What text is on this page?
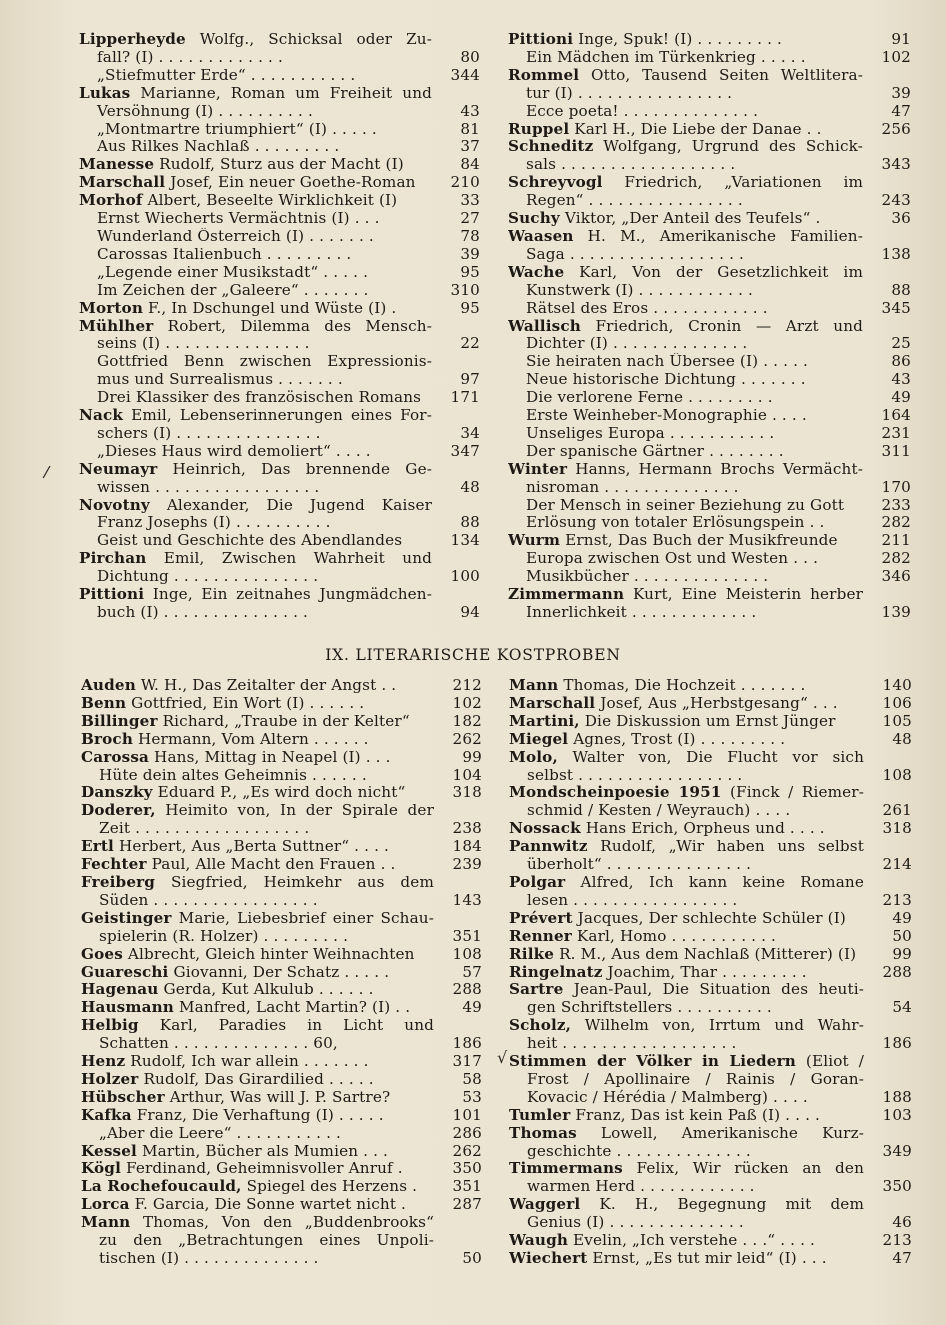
Lipperheyde Wolfg., Schicksal oder Zu-
fall? (I) . . . . . . . . . . . . .	80
„Stiefmutter Erde“ . . . . . . . . . . .	344
Lukas Marianne, Roman um Freiheit und
Versöhnung (I) . . . . . . . . . .	43
„Montmartre triumphiert“ (I) . . . . .	81
Aus Rilkes Nachlaß . . . . . . . . .	37
Manesse Rudolf, Sturz aus der Macht (I)	84
Marschall Josef, Ein neuer Goethe-Roman	210
Morhof Albert, Beseelte Wirklichkeit (I)	33
Ernst Wiecherts Vermächtnis (I) . . .	27
Wunderland Österreich (I) . . . . . . .	78
Carossas Italienbuch . . . . . . . . .	39
„Legende einer Musikstadt“ . . . . .	95
Im Zeichen der „Galeere“ . . . . . . .	310
Morton F., In Dschungel und Wüste (I) .	95
Mühlher Robert, Dilemma des Mensch-
seins (I) . . . . . . . . . . . . . . .	22
Gottfried Benn zwischen Expressionis-
mus und Surrealismus . . . . . . .	97
Drei Klassiker des französischen Romans	171
Nack Emil, Lebenserinnerungen eines For-
schers (I) . . . . . . . . . . . . . . .	34
„Dieses Haus wird demoliert“ . . . .	347
Neumayr Heinrich, Das brennende Ge-
wissen . . . . . . . . . . . . . . . . .	48
Novotny Alexander, Die Jugend Kaiser
Franz Josephs (I) . . . . . . . . . .	88
Geist und Geschichte des Abendlandes	134
Pirchan Emil, Zwischen Wahrheit und
Dichtung . . . . . . . . . . . . . . .	100
Pittioni Inge, Ein zeitnahes Jungmädchen-
buch (I) . . . . . . . . . . . . . . .	94
Pittioni Inge, Spuk! (I) . . . . . . . . .	91
Ein Mädchen im Türkenkrieg . . . . .	102
Rommel Otto, Tausend Seiten Weltlitera-
tur (I) . . . . . . . . . . . . . . . .	39
Ecce poeta! . . . . . . . . . . . . . .	47
Ruppel Karl H., Die Liebe der Danae . .	256
Schneditz Wolfgang, Urgrund des Schick-
sals . . . . . . . . . . . . . . . . . .	343
Schreyvogl Friedrich, „Variationen im
Regen“ . . . . . . . . . . . . . . . .	243
Suchy Viktor, „Der Anteil des Teufels“ .	36
Waasen H. M., Amerikanische Familien-
Saga . . . . . . . . . . . . . . . . . .	138
Wache Karl, Von der Gesetzlichkeit im
Kunstwerk (I) . . . . . . . . . . . .	88
Rätsel des Eros . . . . . . . . . . . .	345
Wallisch Friedrich, Cronin — Arzt und
Dichter (I) . . . . . . . . . . . . . .	25
Sie heiraten nach Übersee (I) . . . . .	86
Neue historische Dichtung . . . . . . .	43
Die verlorene Ferne . . . . . . . . .	49
Erste Weinheber-Monographie . . . .	164
Unseliges Europa . . . . . . . . . . .	231
Der spanische Gärtner . . . . . . . .	311
Winter Hanns, Hermann Brochs Vermächt-
nisroman . . . . . . . . . . . . . .	170
Der Mensch in seiner Beziehung zu Gott	233
Erlösung von totaler Erlösungspein . .	282
Wurm Ernst, Das Buch der Musikfreunde	211
Europa zwischen Ost und Westen . . .	282
Musikbücher . . . . . . . . . . . . . .	346
Zimmermann Kurt, Eine Meisterin herber
Innerlichkeit . . . . . . . . . . . . .	139
IX. LITERARISCHE KOSTPROBEN
Auden W. H., Das Zeitalter der Angst . .	212
Benn Gottfried, Ein Wort (I) . . . . . .	102
Billinger Richard, „Traube in der Kelter“	182
Broch Hermann, Vom Altern . . . . . .	262
Carossa Hans, Mittag in Neapel (I) . . .	99
Hüte dein altes Geheimnis . . . . . .	104
Danszky Eduard P., „Es wird doch nicht“	318
Doderer, Heimito von, In der Spirale der
Zeit . . . . . . . . . . . . . . . . . .	238
Ertl Herbert, Aus „Berta Suttner“ . . . .	184
Fechter Paul, Alle Macht den Frauen . .	239
Freiberg Siegfried, Heimkehr aus dem
Süden . . . . . . . . . . . . . . . . .	143
Geistinger Marie, Liebesbrief einer Schau-
spielerin (R. Holzer) . . . . . . . . .	351
Goes Albrecht, Gleich hinter Weihnachten	108
Guareschi Giovanni, Der Schatz . . . . .	57
Hagenau Gerda, Kut Alkulub . . . . . .	288
Hausmann Manfred, Lacht Martin? (I) . .	49
Helbig Karl, Paradies in Licht und
Schatten . . . . . . . . . . . . . . 60,	186
Henz Rudolf, Ich war allein . . . . . . .	317
Holzer Rudolf, Das Girardilied . . . . .	58
Hübscher Arthur, Was will J. P. Sartre?	53
Kafka Franz, Die Verhaftung (I) . . . . .	101
„Aber die Leere“ . . . . . . . . . . .	286
Kessel Martin, Bücher als Mumien . . .	262
Kögl Ferdinand, Geheimnisvoller Anruf .	350
La Rochefoucauld, Spiegel des Herzens .	351
Lorca F. Garcia, Die Sonne wartet nicht .	287
Mann Thomas, Von den „Buddenbrooks“
zu den „Betrachtungen eines Unpoli-
tischen (I) . . . . . . . . . . . . . .	50
Mann Thomas, Die Hochzeit . . . . . . .	140
Marschall Josef, Aus „Herbstgesang“ . . .	106
Martini, Die Diskussion um Ernst Jünger	105
Miegel Agnes, Trost (I) . . . . . . . . .	48
Molo, Walter von, Die Flucht vor sich
selbst . . . . . . . . . . . . . . . . .	108
Mondscheinpoesie 1951 (Finck / Riemer-
schmid / Kesten / Weyrauch) . . . .	261
Nossack Hans Erich, Orpheus und . . . .	318
Pannwitz Rudolf, „Wir haben uns selbst
überholt“ . . . . . . . . . . . . . . .	214
Polgar Alfred, Ich kann keine Romane
lesen . . . . . . . . . . . . . . . . .	213
Prévert Jacques, Der schlechte Schüler (I)	49
Renner Karl, Homo . . . . . . . . . . .	50
Rilke R. M., Aus dem Nachlaß (Mitterer) (I)	99
Ringelnatz Joachim, Thar . . . . . . . . .	288
Sartre Jean-Paul, Die Situation des heuti-
gen Schriftstellers . . . . . . . . . .	54
Scholz, Wilhelm von, Irrtum und Wahr-
heit . . . . . . . . . . . . . . . . . .	186
Stimmen der Völker in Liedern (Eliot /
Frost / Apollinaire / Rainis / Goran-
Kovacic / Hérédia / Malmberg) . . . .	188
Tumler Franz, Das ist kein Paß (I) . . . .	103
Thomas Lowell, Amerikanische Kurz-
geschichte . . . . . . . . . . . . . .	349
Timmermans Felix, Wir rücken an den
warmen Herd . . . . . . . . . . . .	350
Waggerl K. H., Begegnung mit dem
Genius (I) . . . . . . . . . . . . . .	46
Waugh Evelin, „Ich verstehe . . .“ . . . .	213
Wiechert Ernst, „Es tut mir leid“ (I) . . .	47
/
√
